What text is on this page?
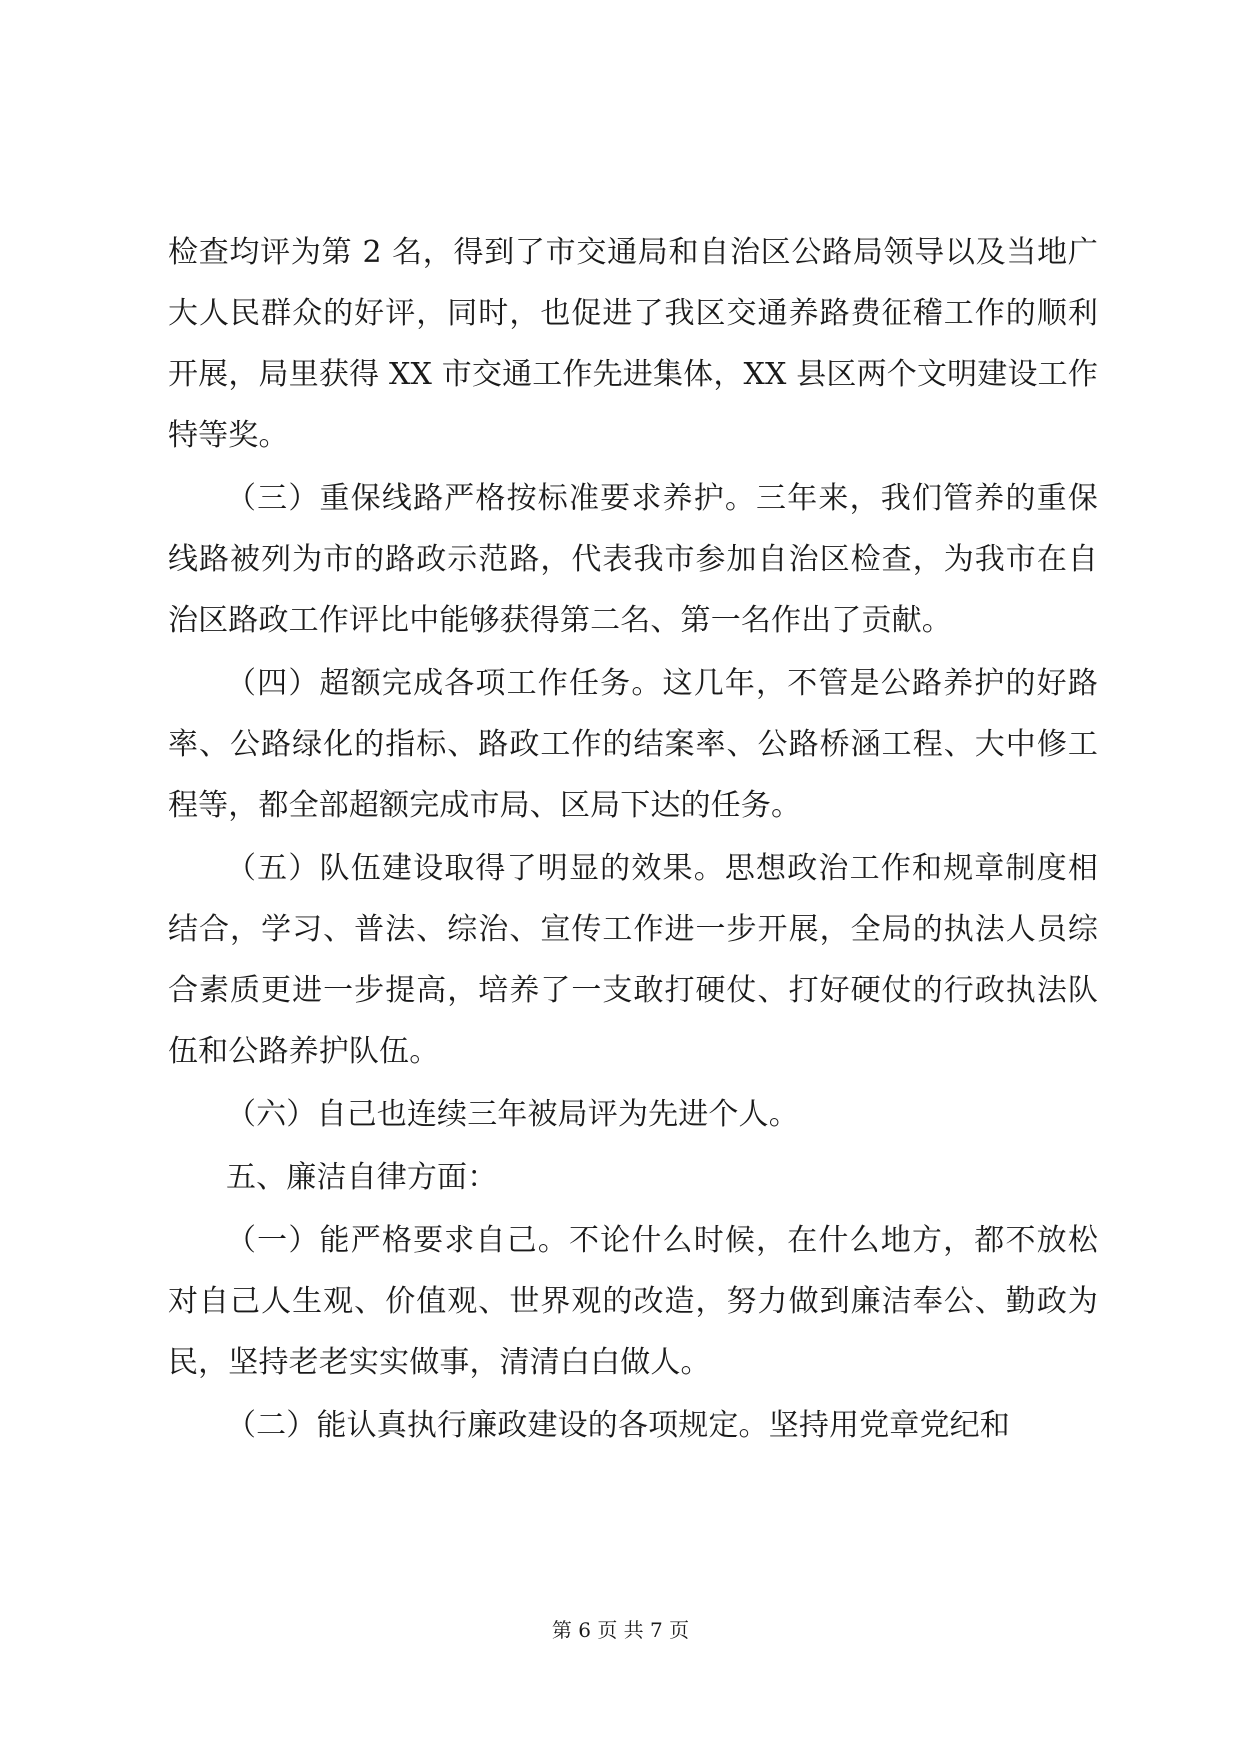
检查均评为第 2 名，得到了市交通局和自治区公路局领导以及当地广大人民群众的好评，同时，也促进了我区交通养路费征稽工作的顺利开展，局里获得 XX 市交通工作先进集体，XX 县区两个文明建设工作特等奖。

（三）重保线路严格按标准要求养护。三年来，我们管养的重保线路被列为市的路政示范路，代表我市参加自治区检查，为我市在自治区路政工作评比中能够获得第二名、第一名作出了贡献。

（四）超额完成各项工作任务。这几年，不管是公路养护的好路率、公路绿化的指标、路政工作的结案率、公路桥涵工程、大中修工程等，都全部超额完成市局、区局下达的任务。

（五）队伍建设取得了明显的效果。思想政治工作和规章制度相结合，学习、普法、综治、宣传工作进一步开展，全局的执法人员综合素质更进一步提高，培养了一支敢打硬仗、打好硬仗的行政执法队伍和公路养护队伍。

（六）自己也连续三年被局评为先进个人。

五、廉洁自律方面：

（一）能严格要求自己。不论什么时候，在什么地方，都不放松对自己人生观、价值观、世界观的改造，努力做到廉洁奉公、勤政为民，坚持老老实实做事，清清白白做人。

（二）能认真执行廉政建设的各项规定。坚持用党章党纪和

第 6 页 共 7 页
